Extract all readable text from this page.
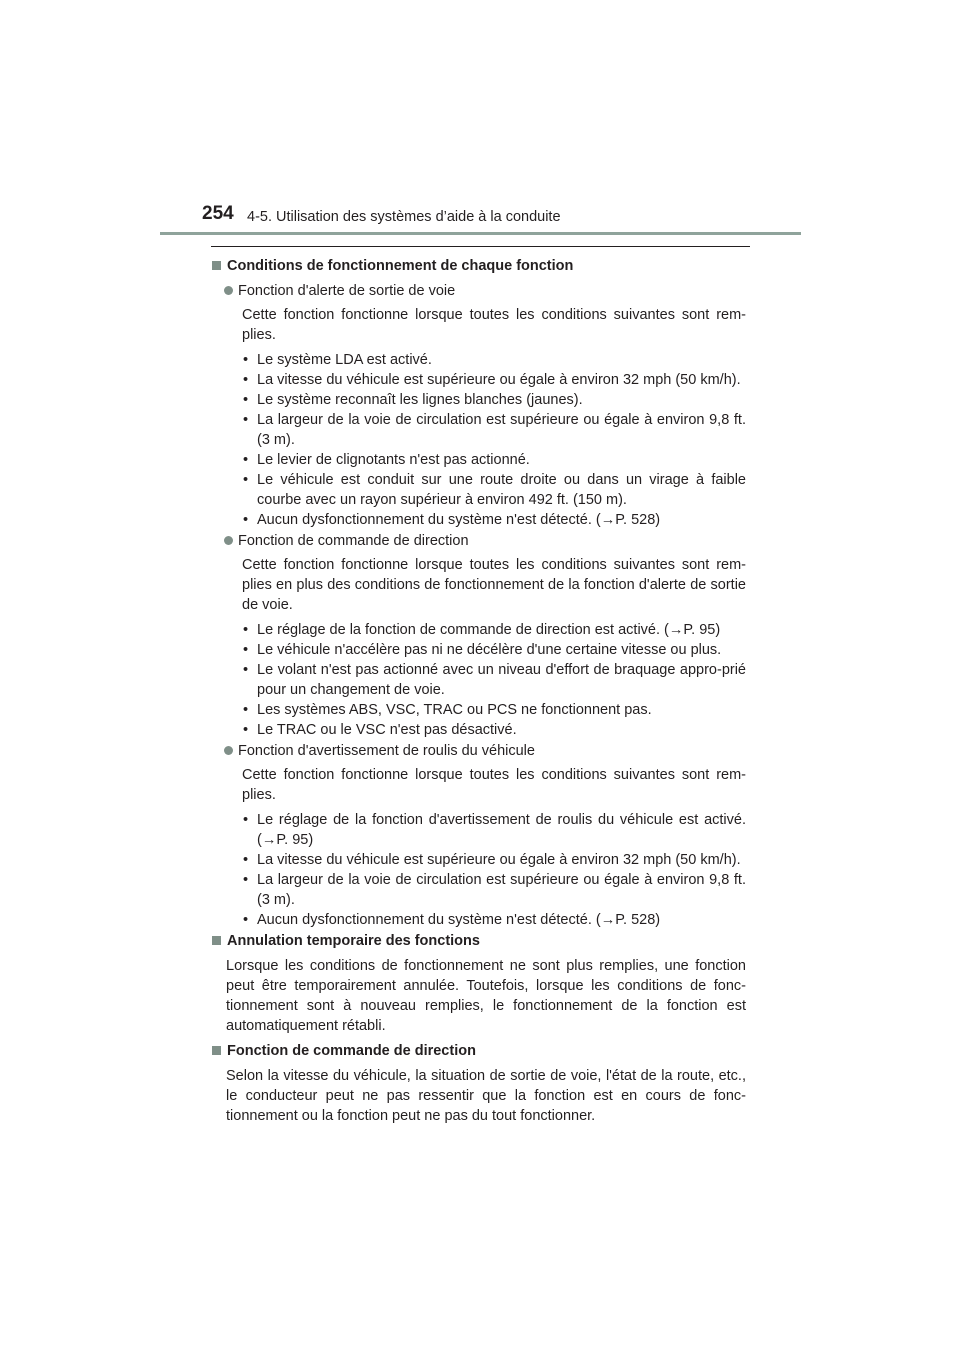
254 4-5. Utilisation des systèmes d’aide à la conduite
Conditions de fonctionnement de chaque fonction
Fonction d'alerte de sortie de voie
Cette fonction fonctionne lorsque toutes les conditions suivantes sont rem-plies.
• Le système LDA est activé.
• La vitesse du véhicule est supérieure ou égale à environ 32 mph (50 km/h).
• Le système reconnaît les lignes blanches (jaunes).
• La largeur de la voie de circulation est supérieure ou égale à environ 9,8 ft. (3 m).
• Le levier de clignotants n'est pas actionné.
• Le véhicule est conduit sur une route droite ou dans un virage à faible courbe avec un rayon supérieur à environ 492 ft. (150 m).
• Aucun dysfonctionnement du système n'est détecté. (→P. 528)
Fonction de commande de direction
Cette fonction fonctionne lorsque toutes les conditions suivantes sont rem-plies en plus des conditions de fonctionnement de la fonction d'alerte de sortie de voie.
• Le réglage de la fonction de commande de direction est activé. (→P. 95)
• Le véhicule n'accélère pas ni ne décélère d'une certaine vitesse ou plus.
• Le volant n'est pas actionné avec un niveau d'effort de braquage appro-prié pour un changement de voie.
• Les systèmes ABS, VSC, TRAC ou PCS ne fonctionnent pas.
• Le TRAC ou le VSC n'est pas désactivé.
Fonction d'avertissement de roulis du véhicule
Cette fonction fonctionne lorsque toutes les conditions suivantes sont rem-plies.
• Le réglage de la fonction d'avertissement de roulis du véhicule est activé. (→P. 95)
• La vitesse du véhicule est supérieure ou égale à environ 32 mph (50 km/h).
• La largeur de la voie de circulation est supérieure ou égale à environ 9,8 ft. (3 m).
• Aucun dysfonctionnement du système n'est détecté. (→P. 528)
Annulation temporaire des fonctions
Lorsque les conditions de fonctionnement ne sont plus remplies, une fonction peut être temporairement annulée. Toutefois, lorsque les conditions de fonc-tionnement sont à nouveau remplies, le fonctionnement de la fonction est automatiquement rétabli.
Fonction de commande de direction
Selon la vitesse du véhicule, la situation de sortie de voie, l'état de la route, etc., le conducteur peut ne pas ressentir que la fonction est en cours de fonc-tionnement ou la fonction peut ne pas du tout fonctionner.
